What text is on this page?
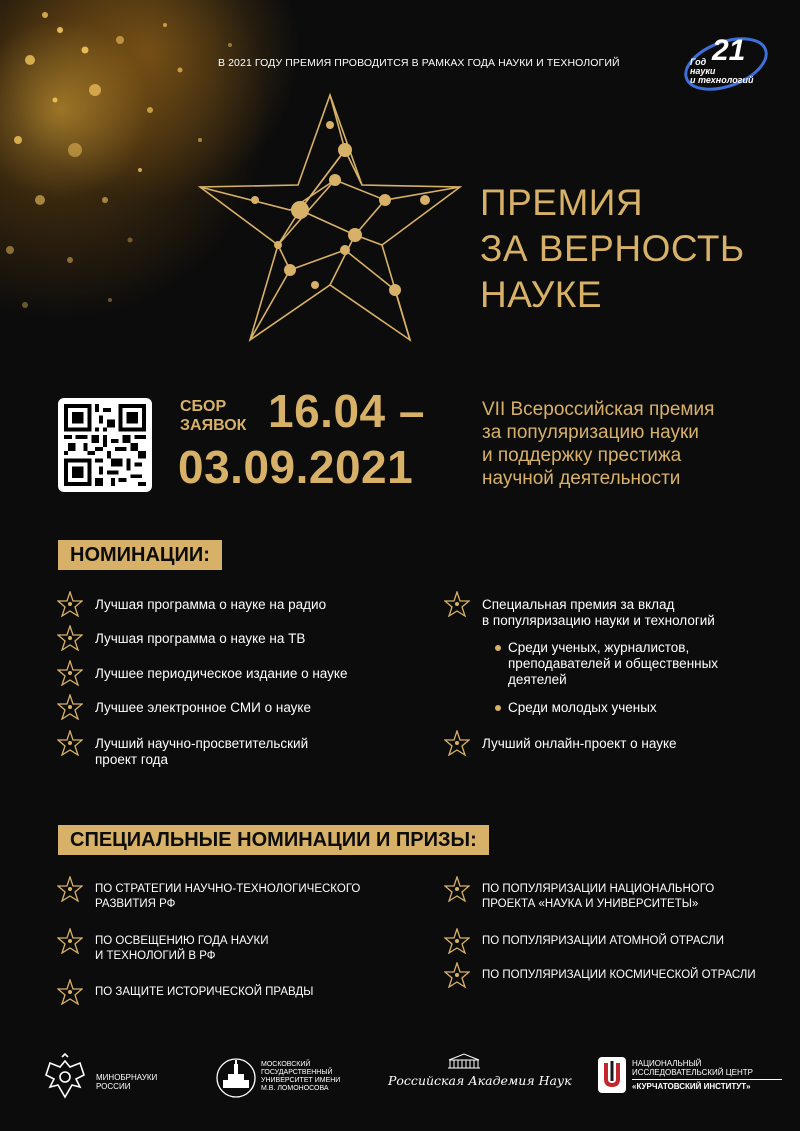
В 2021 ГОДУ ПРЕМИЯ ПРОВОДИТСЯ В РАМКАХ ГОДА НАУКИ И ТЕХНОЛОГИЙ	21
Год
науки
и технологий
ПРЕМИЯ
ЗА ВЕРНОСТЬ
НАУКЕ
СБОР
ЗАЯВОК 16.04 –
03.09.2021
VII Всероссийская премия
за популяризацию науки
и поддержку престижа
научной деятельности
НОМИНАЦИИ:
Лучшая программа о науке на радио
Лучшая программа о науке на ТВ
Лучшее периодическое издание о науке
Лучшее электронное СМИ о науке
Лучший научно-просветительский
проект года
Специальная премия за вклад
в популяризацию науки и технологий
Среди ученых, журналистов,
преподавателей и общественных
деятелей
Среди молодых ученых
Лучший онлайн-проект о науке
СПЕЦИАЛЬНЫЕ НОМИНАЦИИ И ПРИЗЫ:
ПО СТРАТЕГИИ НАУЧНО-ТЕХНОЛОГИЧЕСКОГО
РАЗВИТИЯ РФ
ПО ОСВЕЩЕНИЮ ГОДА НАУКИ
И ТЕХНОЛОГИЙ В РФ
ПО ЗАЩИТЕ ИСТОРИЧЕСКОЙ ПРАВДЫ
ПО ПОПУЛЯРИЗАЦИИ НАЦИОНАЛЬНОГО
ПРОЕКТА «НАУКА И УНИВЕРСИТЕТЫ»
ПО ПОПУЛЯРИЗАЦИИ АТОМНОЙ ОТРАСЛИ
ПО ПОПУЛЯРИЗАЦИИ КОСМИЧЕСКОЙ ОТРАСЛИ
МИНОБРНАУКИ
РОССИИ
МОСКОВСКИЙ
ГОСУДАРСТВЕННЫЙ
УНИВЕРСИТЕТ ИМЕНИ
М.В. ЛОМОНОСОВА
Российская Академия Наук
НАЦИОНАЛЬНЫЙ
ИССЛЕДОВАТЕЛЬСКИЙ ЦЕНТР
«КУРЧАТОВСКИЙ ИНСТИТУТ»
